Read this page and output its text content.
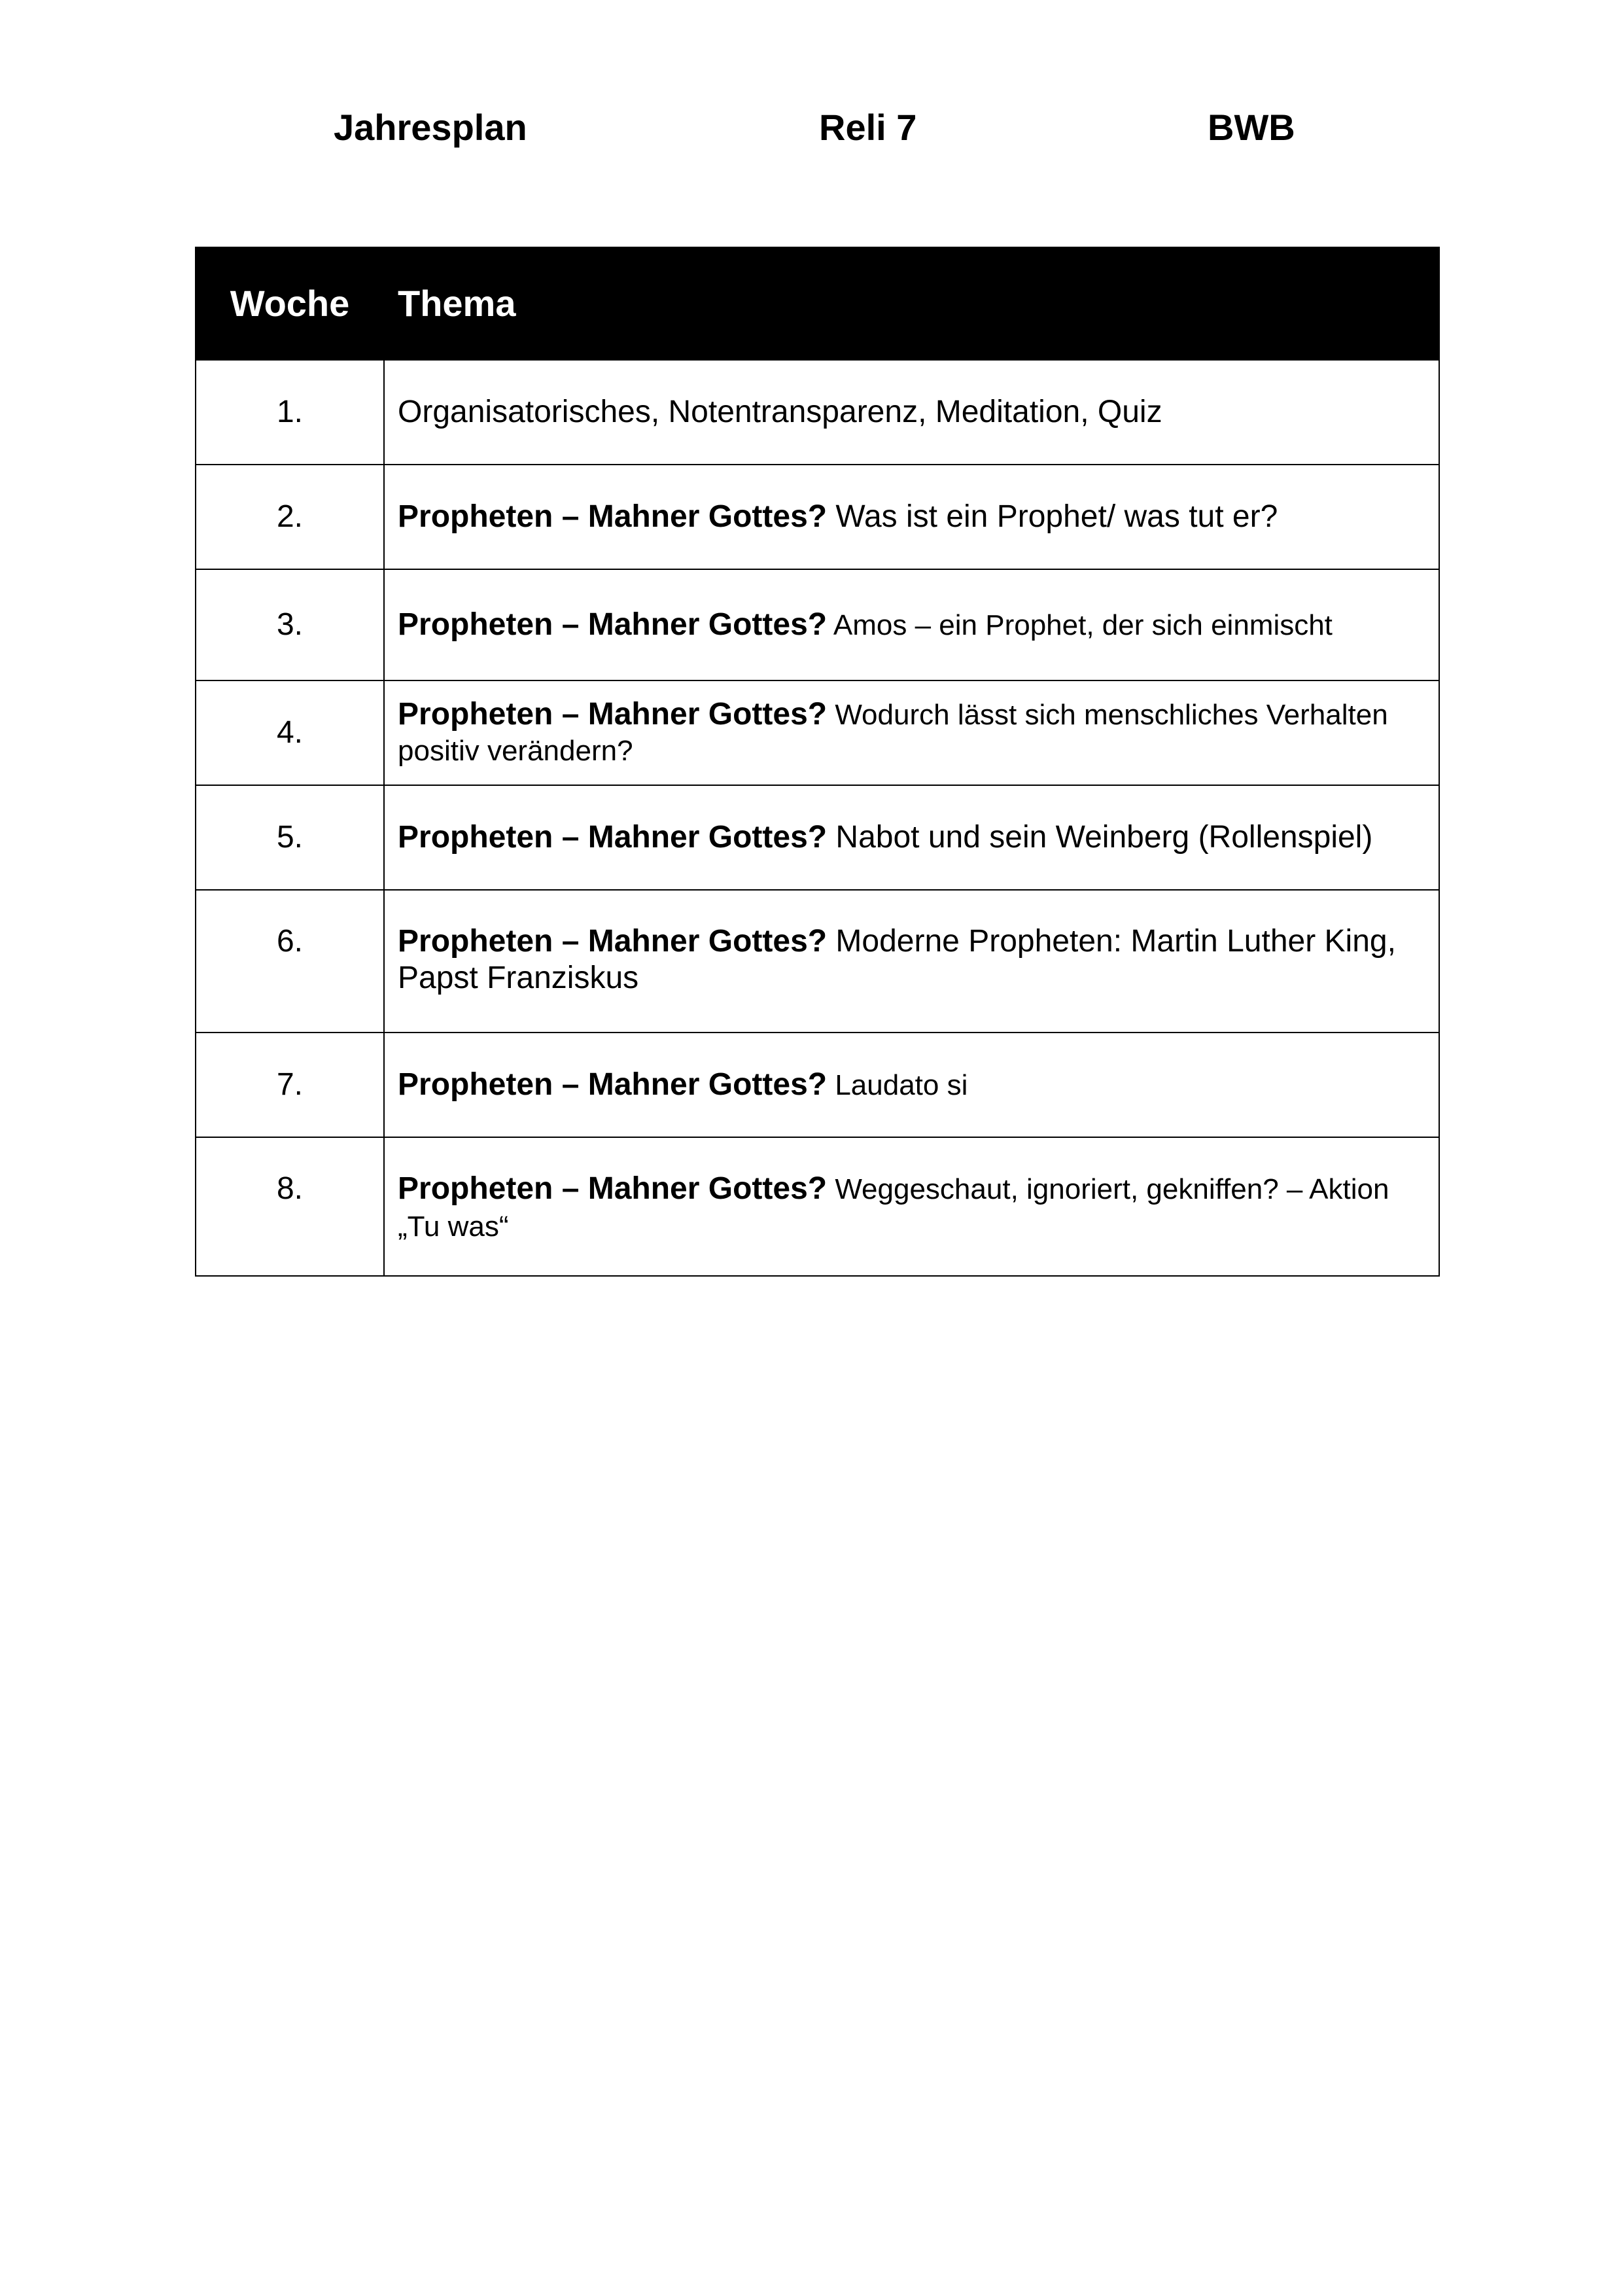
Jahresplan	Reli 7	BWB
Woche	Thema
1.	Organisatorisches, Notentransparenz, Meditation, Quiz
2.	Propheten – Mahner Gottes? Was ist ein Prophet/ was tut er?
3.	Propheten – Mahner Gottes? Amos – ein Prophet, der sich einmischt
4.	Propheten – Mahner Gottes? Wodurch lässt sich menschliches Verhalten positiv verändern?
5.	Propheten – Mahner Gottes? Nabot und sein Weinberg (Rollenspiel)
6.	Propheten – Mahner Gottes? Moderne Propheten: Martin Luther King, Papst Franziskus
7.	Propheten – Mahner Gottes? Laudato si
8.	Propheten – Mahner Gottes? Weggeschaut, ignoriert, gekniffen? – Aktion „Tu was“
